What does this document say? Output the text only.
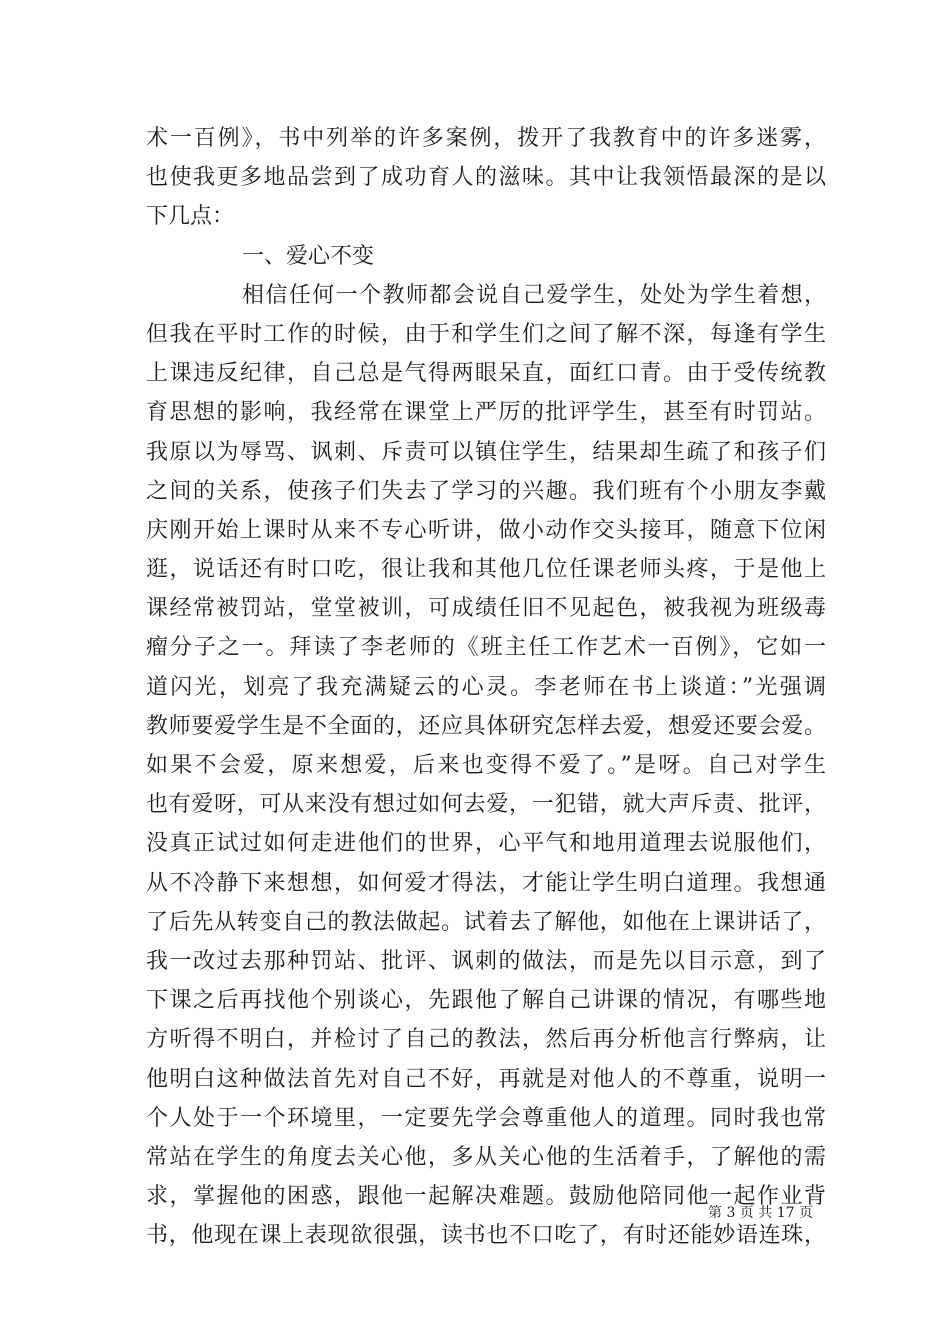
术一百例》，书中列举的许多案例，拨开了我教育中的许多迷雾，
也使我更多地品尝到了成功育人的滋味。其中让我领悟最深的是以
下几点：
一、爱心不变
相信任何一个教师都会说自己爱学生，处处为学生着想，
但我在平时工作的时候，由于和学生们之间了解不深，每逢有学生
上课违反纪律，自己总是气得两眼呆直，面红口青。由于受传统教
育思想的影响，我经常在课堂上严厉的批评学生，甚至有时罚站。
我原以为辱骂、讽刺、斥责可以镇住学生，结果却生疏了和孩子们
之间的关系，使孩子们失去了学习的兴趣。我们班有个小朋友李戴
庆刚开始上课时从来不专心听讲，做小动作交头接耳，随意下位闲
逛，说话还有时口吃，很让我和其他几位任课老师头疼，于是他上
课经常被罚站，堂堂被训，可成绩任旧不见起色，被我视为班级毒
瘤分子之一。拜读了李老师的《班主任工作艺术一百例》，它如一
道闪光，划亮了我充满疑云的心灵。李老师在书上谈道：”光强调
教师要爱学生是不全面的，还应具体研究怎样去爱，想爱还要会爱。
如果不会爱，原来想爱，后来也变得不爱了。”是呀。自己对学生
也有爱呀，可从来没有想过如何去爱，一犯错，就大声斥责、批评，
没真正试过如何走进他们的世界，心平气和地用道理去说服他们，
从不冷静下来想想，如何爱才得法，才能让学生明白道理。我想通
了后先从转变自己的教法做起。试着去了解他，如他在上课讲话了，
我一改过去那种罚站、批评、讽刺的做法，而是先以目示意，到了
下课之后再找他个别谈心，先跟他了解自己讲课的情况，有哪些地
方听得不明白，并检讨了自己的教法，然后再分析他言行弊病，让
他明白这种做法首先对自己不好，再就是对他人的不尊重，说明一
个人处于一个环境里，一定要先学会尊重他人的道理。同时我也常
常站在学生的角度去关心他，多从关心他的生活着手，了解他的需
求，掌握他的困惑，跟他一起解决难题。鼓励他陪同他一起作业背
书，他现在课上表现欲很强，读书也不口吃了，有时还能妙语连珠，
第 3 页 共 17 页
